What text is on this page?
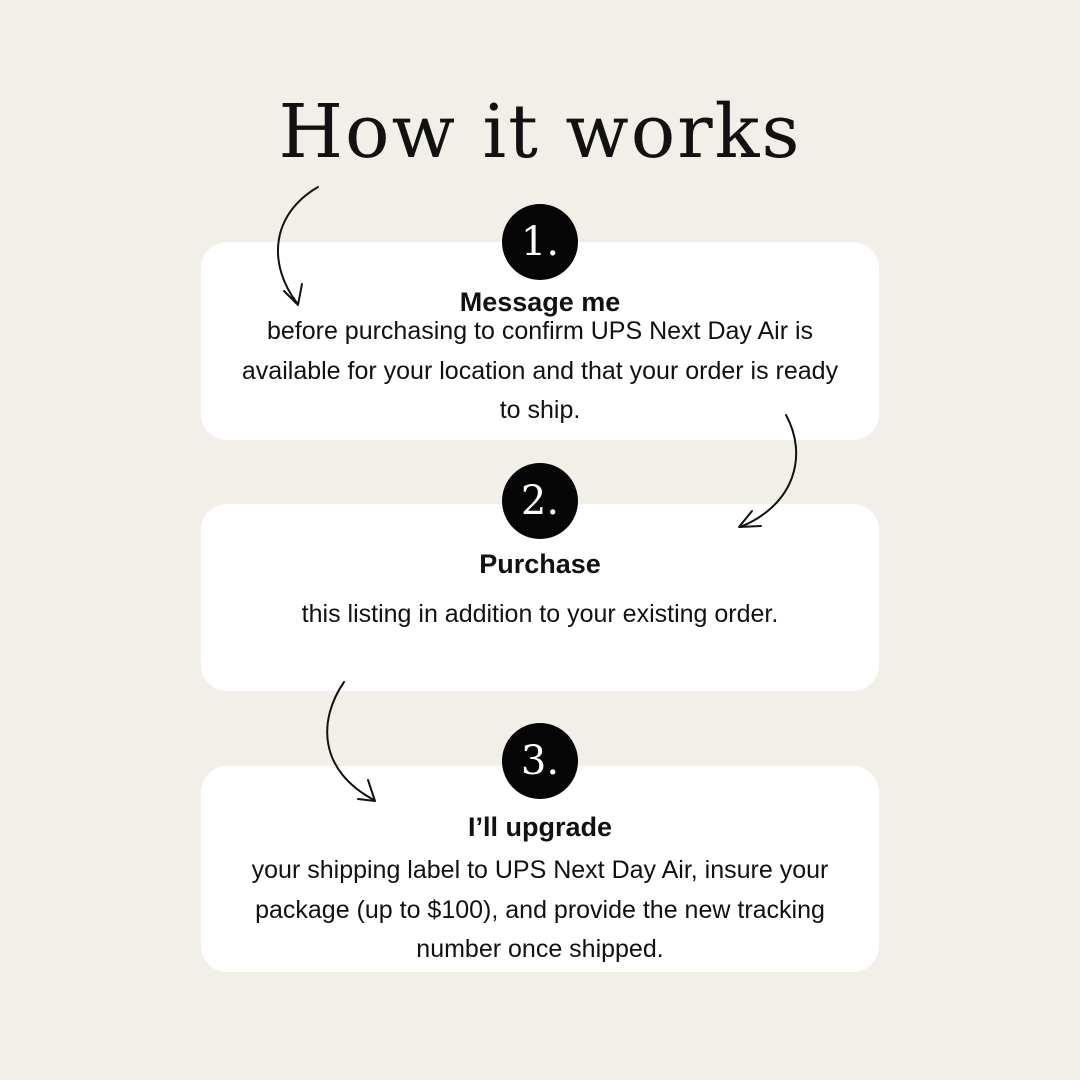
How it works
1.
2.
3.
Message me
Purchase
I’ll upgrade
before purchasing to confirm UPS Next Day Air is available for your location and that your order is ready to ship.
this listing in addition to your existing order.
your shipping label to UPS Next Day Air, insure your package (up to $100), and provide the new tracking number once shipped.
